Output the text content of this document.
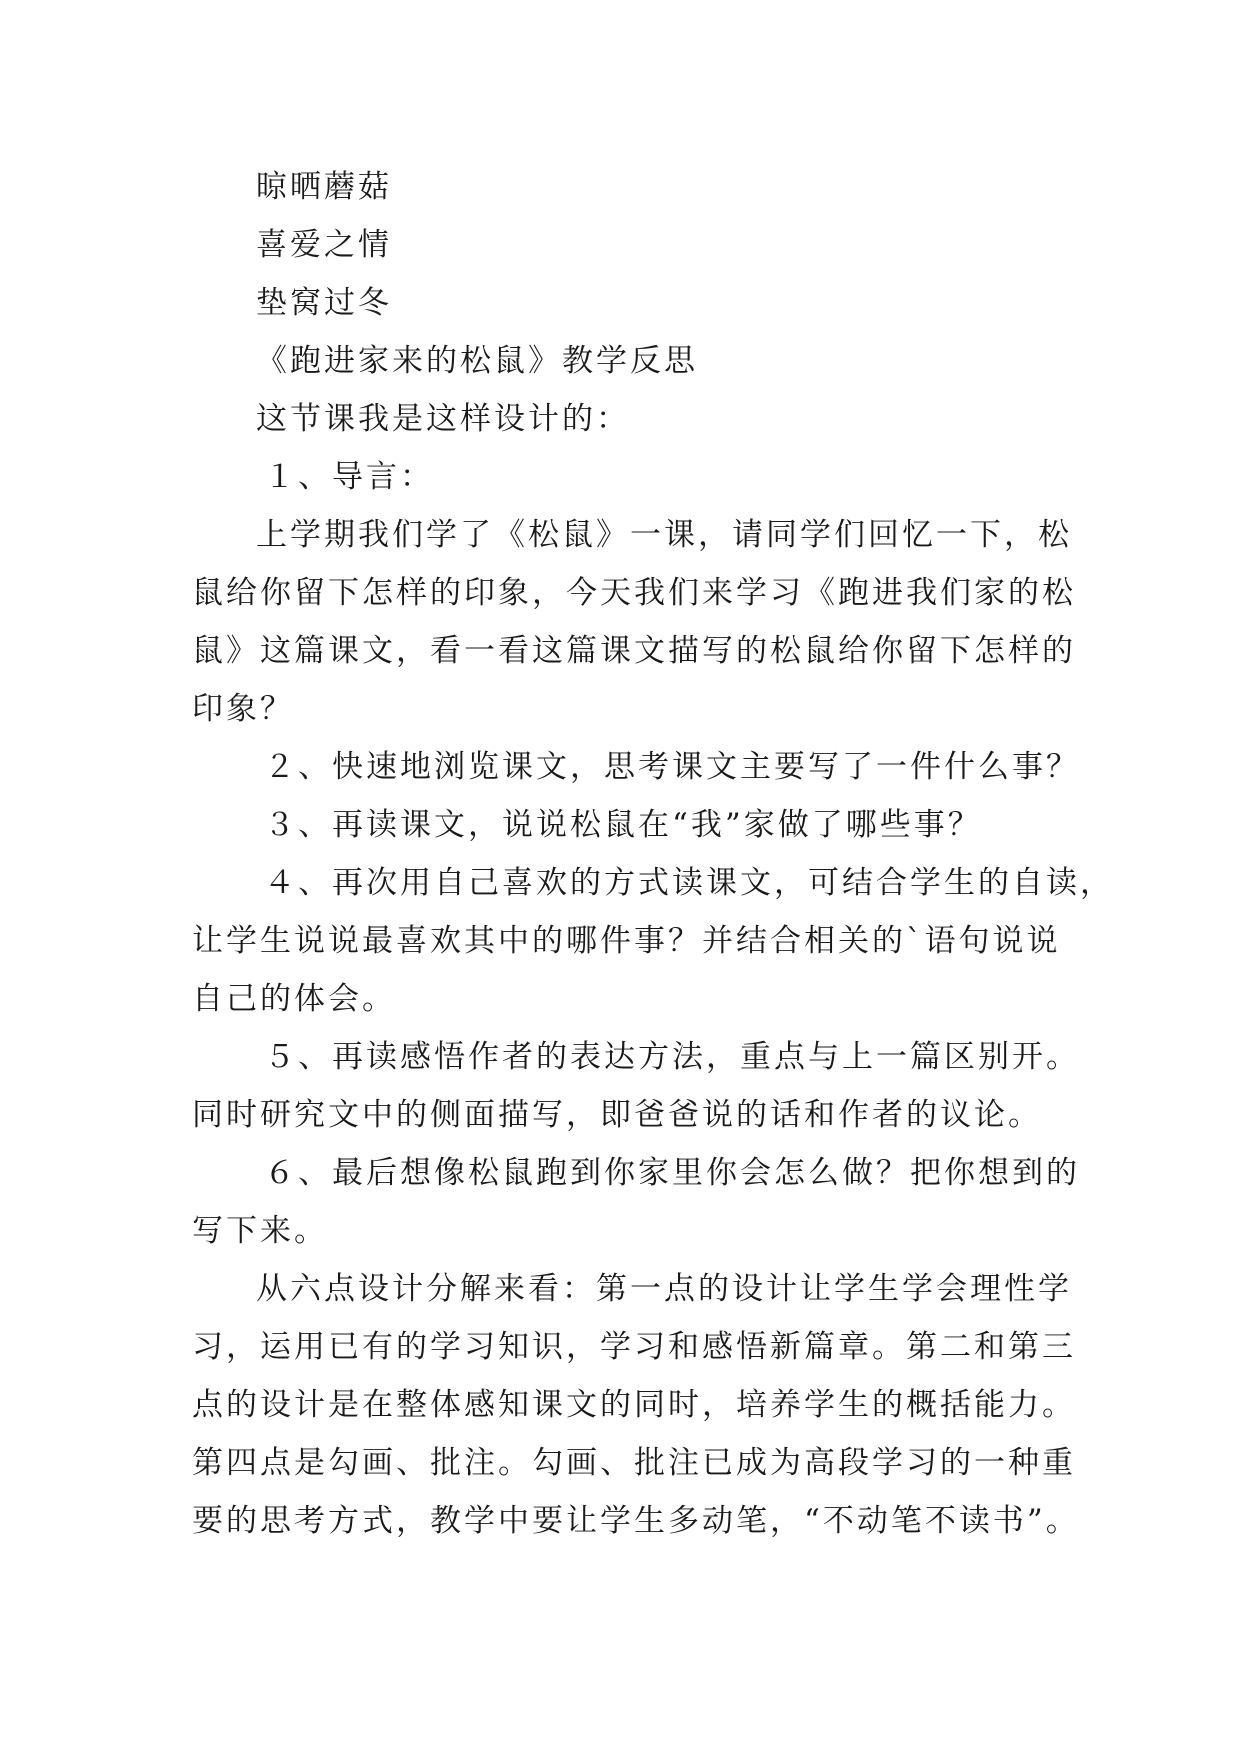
晾晒蘑菇
喜爱之情
垫窝过冬
《跑进家来的松鼠》教学反思
这节课我是这样设计的：
１、导言：
上学期我们学了《松鼠》一课，请同学们回忆一下，松
鼠给你留下怎样的印象，今天我们来学习《跑进我们家的松
鼠》这篇课文，看一看这篇课文描写的松鼠给你留下怎样的
印象？
２、快速地浏览课文，思考课文主要写了一件什么事？
３、再读课文，说说松鼠在“我”家做了哪些事？
４、再次用自己喜欢的方式读课文，可结合学生的自读，
让学生说说最喜欢其中的哪件事？并结合相关的`语句说说
自己的体会。
５、再读感悟作者的表达方法，重点与上一篇区别开。
同时研究文中的侧面描写，即爸爸说的话和作者的议论。
６、最后想像松鼠跑到你家里你会怎么做？把你想到的
写下来。
从六点设计分解来看：第一点的设计让学生学会理性学
习，运用已有的学习知识，学习和感悟新篇章。第二和第三
点的设计是在整体感知课文的同时，培养学生的概括能力。
第四点是勾画、批注。勾画、批注已成为高段学习的一种重
要的思考方式，教学中要让学生多动笔，“不动笔不读书”。
